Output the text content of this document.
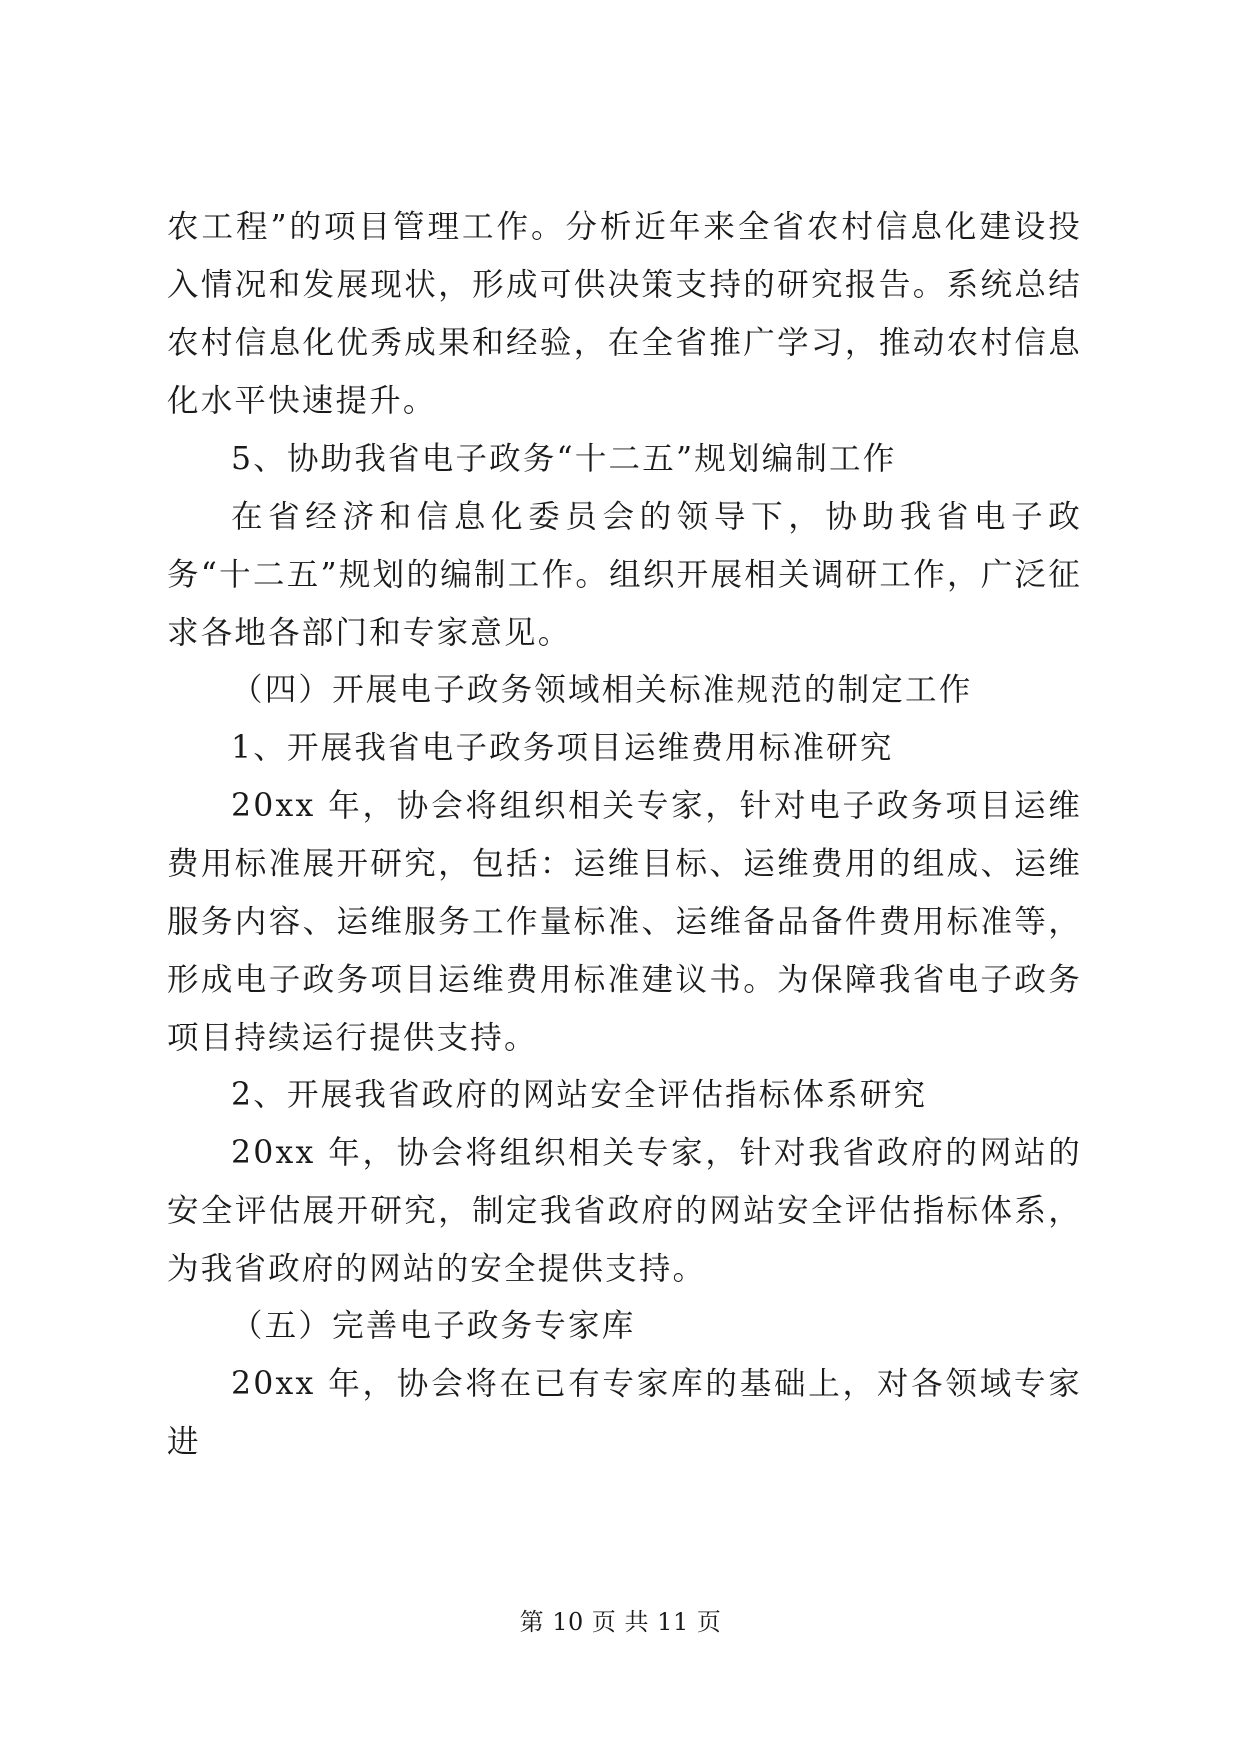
农工程”的项目管理工作。分析近年来全省农村信息化建设投入情况和发展现状，形成可供决策支持的研究报告。系统总结农村信息化优秀成果和经验，在全省推广学习，推动农村信息化水平快速提升。

5、协助我省电子政务“十二五”规划编制工作

在省经济和信息化委员会的领导下，协助我省电子政务“十二五”规划的编制工作。组织开展相关调研工作，广泛征求各地各部门和专家意见。

（四）开展电子政务领域相关标准规范的制定工作

1、开展我省电子政务项目运维费用标准研究

20xx 年，协会将组织相关专家，针对电子政务项目运维费用标准展开研究，包括：运维目标、运维费用的组成、运维服务内容、运维服务工作量标准、运维备品备件费用标准等，形成电子政务项目运维费用标准建议书。为保障我省电子政务项目持续运行提供支持。

2、开展我省政府的网站安全评估指标体系研究

20xx 年，协会将组织相关专家，针对我省政府的网站的安全评估展开研究，制定我省政府的网站安全评估指标体系，为我省政府的网站的安全提供支持。

（五）完善电子政务专家库

20xx 年，协会将在已有专家库的基础上，对各领域专家进

第 10 页 共 11 页
